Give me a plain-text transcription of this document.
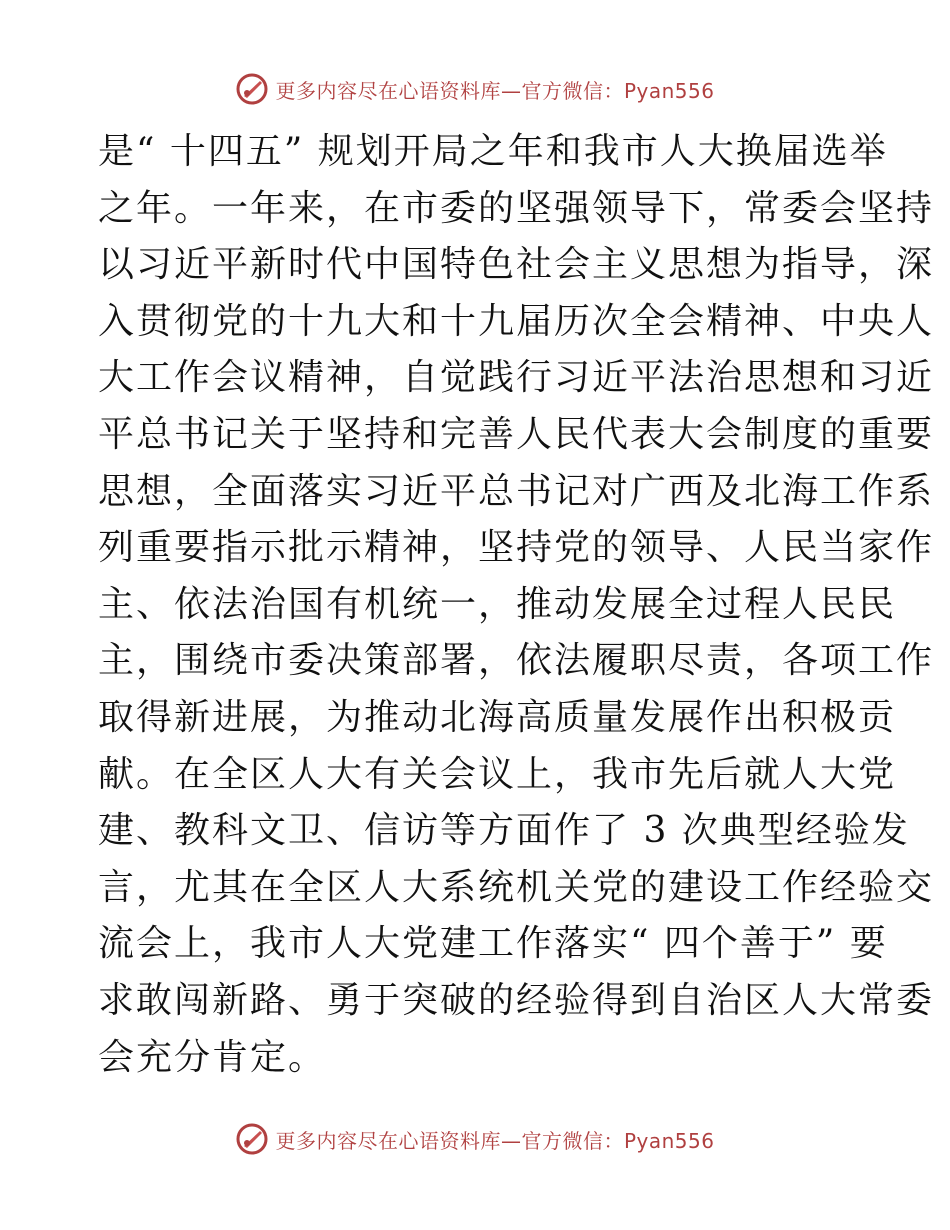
更多内容尽在心语资料库—官方微信：Pyan556
是“ 十四五” 规划开局之年和我市人大换届选举
之年。一年来，在市委的坚强领导下，常委会坚持
以习近平新时代中国特色社会主义思想为指导，深
入贯彻党的十九大和十九届历次全会精神、中央人
大工作会议精神，自觉践行习近平法治思想和习近
平总书记关于坚持和完善人民代表大会制度的重要
思想，全面落实习近平总书记对广西及北海工作系
列重要指示批示精神，坚持党的领导、人民当家作
主、依法治国有机统一，推动发展全过程人民民
主，围绕市委决策部署，依法履职尽责，各项工作
取得新进展，为推动北海高质量发展作出积极贡
献。在全区人大有关会议上，我市先后就人大党
建、教科文卫、信访等方面作了 3 次典型经验发
言，尤其在全区人大系统机关党的建设工作经验交
流会上，我市人大党建工作落实“ 四个善于” 要
求敢闯新路、勇于突破的经验得到自治区人大常委
会充分肯定。
更多内容尽在心语资料库—官方微信：Pyan556
